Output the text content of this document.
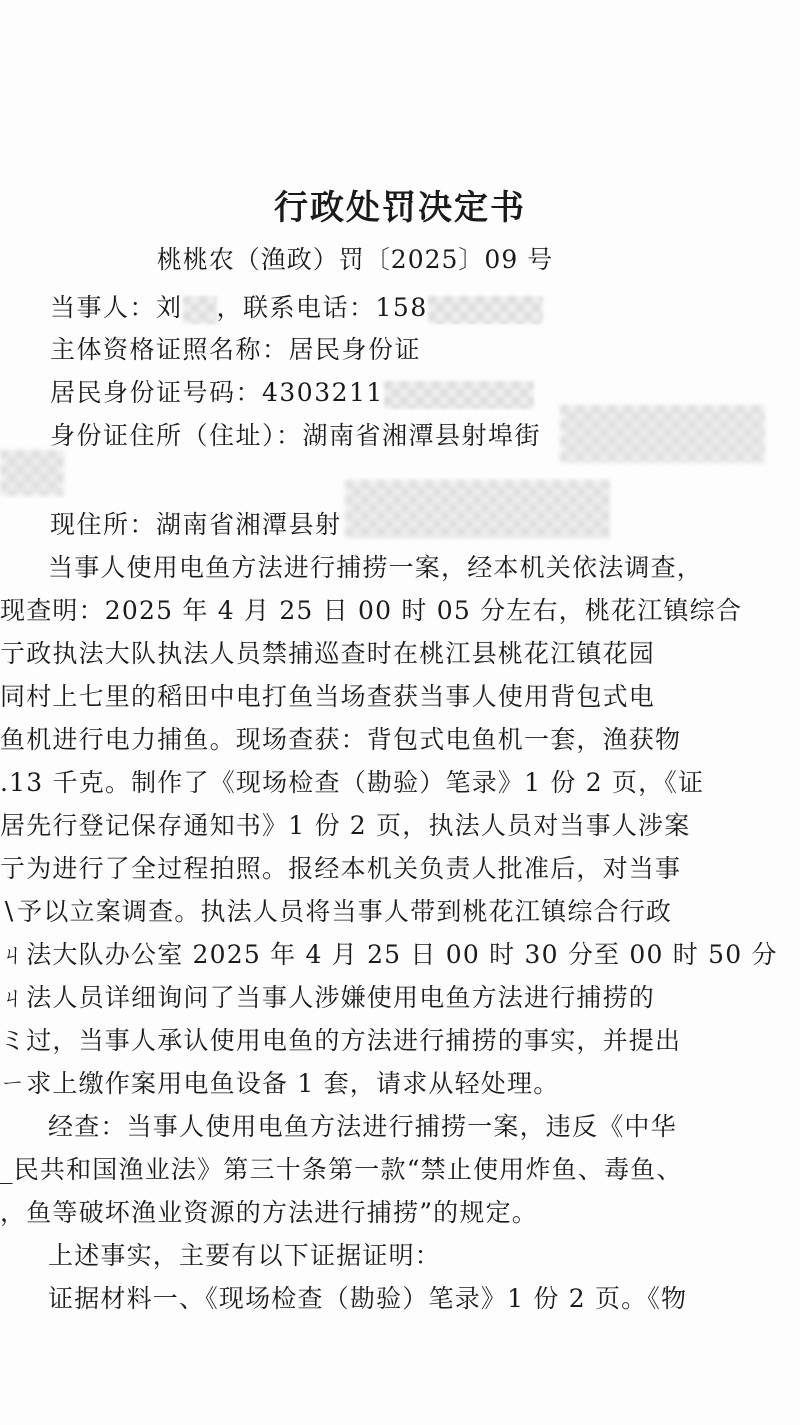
行政处罚决定书
桃桃农（渔政）罚〔2025〕09 号
当事人：刘 ，联系电话：158
主体资格证照名称：居民身份证
居民身份证号码：4303211
身份证住所（住址）：湖南省湘潭县射埠街
现住所：湖南省湘潭县射
当事人使用电鱼方法进行捕捞一案，经本机关依法调查，
现查明：2025 年 4 月 25 日 00 时 05 分左右，桃花江镇综合
亍政执法大队执法人员禁捕巡查时在桃江县桃花江镇花园
同村上七里的稻田中电打鱼当场查获当事人使用背包式电
鱼机进行电力捕鱼。现场查获：背包式电鱼机一套，渔获物
.13 千克。制作了《现场检查（勘验）笔录》1 份 2 页，《证
居先行登记保存通知书》1 份 2 页，执法人员对当事人涉案
亍为进行了全过程拍照。报经本机关负责人批准后，对当事
∖予以立案调查。执法人员将当事人带到桃花江镇综合行政
ㄐ法大队办公室 2025 年 4 月 25 日 00 时 30 分至 00 时 50 分
ㄐ法人员详细询问了当事人涉嫌使用电鱼方法进行捕捞的
ミ过，当事人承认使用电鱼的方法进行捕捞的事实，并提出
ㄧ求上缴作案用电鱼设备 1 套，请求从轻处理。
经查：当事人使用电鱼方法进行捕捞一案，违反《中华
_民共和国渔业法》第三十条第一款“禁止使用炸鱼、毒鱼、
，鱼等破坏渔业资源的方法进行捕捞”的规定。
上述事实，主要有以下证据证明：
证据材料一、《现场检查（勘验）笔录》1 份 2 页。《物
